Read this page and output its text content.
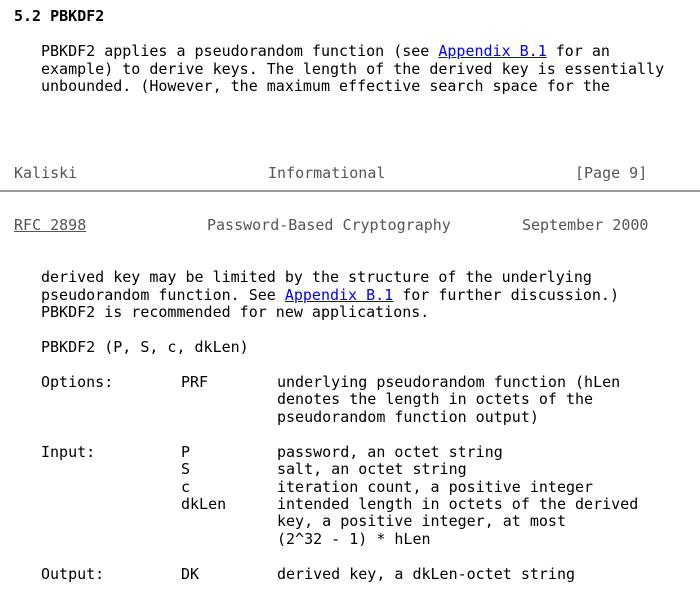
5.2 PBKDF2
PBKDF2 applies a pseudorandom function (see Appendix B.1 for an
example) to derive keys. The length of the derived key is essentially
unbounded. (However, the maximum effective search space for the
Kaliski	Informational	[Page 9]
RFC 2898	Password-Based Cryptography	September 2000
derived key may be limited by the structure of the underlying
pseudorandom function. See Appendix B.1 for further discussion.)
PBKDF2 is recommended for new applications.
PBKDF2 (P, S, c, dkLen)
Options:	PRF	underlying pseudorandom function (hLen
denotes the length in octets of the
pseudorandom function output)
Input:	P	password, an octet string
S	salt, an octet string
c	iteration count, a positive integer
dkLen	intended length in octets of the derived
key, a positive integer, at most
(2^32 - 1) * hLen
Output:	DK	derived key, a dkLen-octet string
